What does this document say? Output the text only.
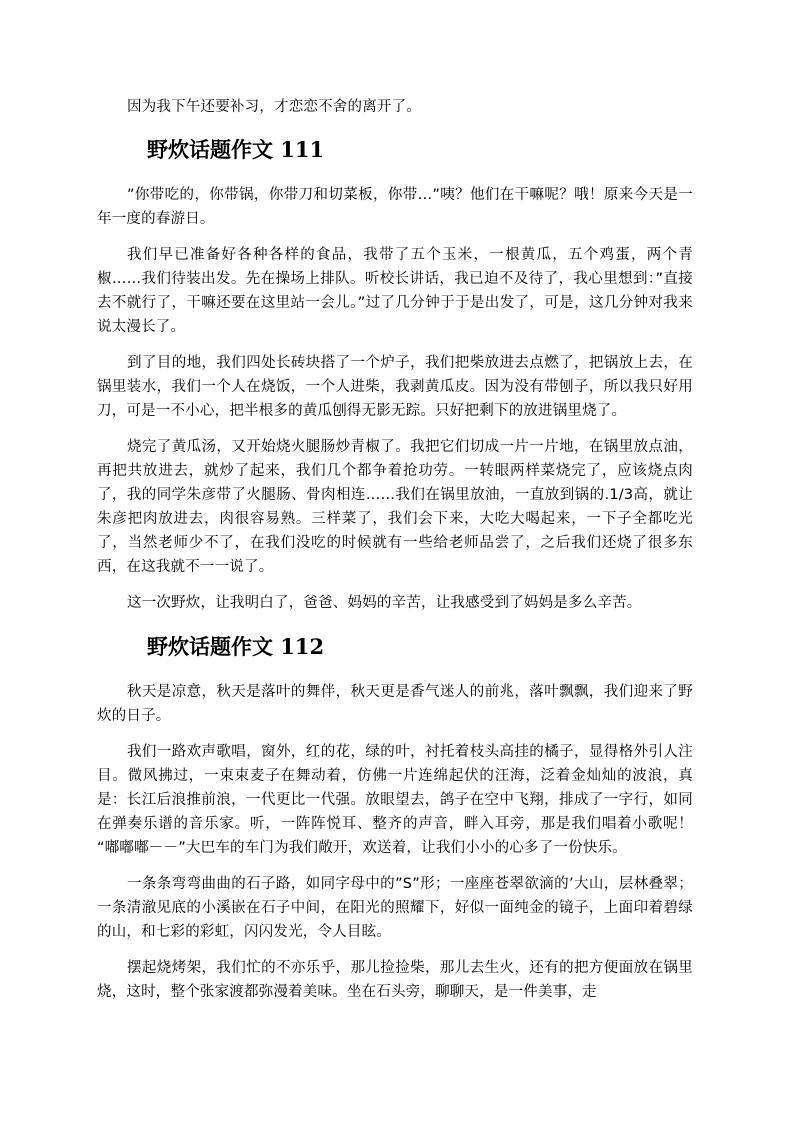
因为我下午还要补习，才恋恋不舍的离开了。

野炊话题作文 111

”你带吃的，你带锅，你带刀和切菜板，你带…”咦？他们在干嘛呢？哦！原来今天是一年一度的春游日。

我们早已准备好各种各样的食品，我带了五个玉米，一根黄瓜，五个鸡蛋，两个青椒……我们待装出发。先在操场上排队。听校长讲话，我已迫不及待了，我心里想到：”直接去不就行了，干嘛还要在这里站一会儿。”过了几分钟于于是出发了，可是，这几分钟对我来说太漫长了。

到了目的地，我们四处长砖块搭了一个炉子，我们把柴放进去点燃了，把锅放上去，在锅里装水，我们一个人在烧饭，一个人进柴，我剥黄瓜皮。因为没有带刨子，所以我只好用刀，可是一不小心，把半根多的黄瓜刨得无影无踪。只好把剩下的放进锅里烧了。

烧完了黄瓜汤，又开始烧火腿肠炒青椒了。我把它们切成一片一片地，在锅里放点油，再把共放进去，就炒了起来，我们几个都争着抢功劳。一转眼两样菜烧完了，应该烧点肉了，我的同学朱彦带了火腿肠、骨肉相连……我们在锅里放油，一直放到锅的.1/3高，就让朱彦把肉放进去，肉很容易熟。三样菜了，我们会下来，大吃大喝起来，一下子全都吃光了，当然老师少不了，在我们没吃的时候就有一些给老师品尝了，之后我们还烧了很多东西，在这我就不一一说了。

这一次野炊，让我明白了，爸爸、妈妈的辛苦，让我感受到了妈妈是多么辛苦。

野炊话题作文 112

秋天是凉意，秋天是落叶的舞伴，秋天更是香气迷人的前兆，落叶飘飘，我们迎来了野炊的日子。

我们一路欢声歌唱，窗外，红的花，绿的叶，衬托着枝头高挂的橘子，显得格外引人注目。微风拂过，一束束麦子在舞动着，仿佛一片连绵起伏的汪海，泛着金灿灿的波浪，真是：长江后浪推前浪，一代更比一代强。放眼望去，鸽子在空中飞翔，排成了一字行，如同在弹奏乐谱的音乐家。听，一阵阵悦耳、整齐的声音，畔入耳旁，那是我们唱着小歌呢！ “嘟嘟嘟－－”大巴车的车门为我们敞开，欢送着，让我们小小的心多了一份快乐。

一条条弯弯曲曲的石子路，如同字母中的”S”形；一座座苍翠欲滴的’大山，层林叠翠；一条清澈见底的小溪嵌在石子中间，在阳光的照耀下，好似一面纯金的镜子，上面印着碧绿的山，和七彩的彩虹，闪闪发光，令人目眩。

摆起烧烤架，我们忙的不亦乐乎，那儿捡捡柴，那儿去生火，还有的把方便面放在锅里烧，这时，整个张家渡都弥漫着美味。坐在石头旁，聊聊天，是一件美事，走
